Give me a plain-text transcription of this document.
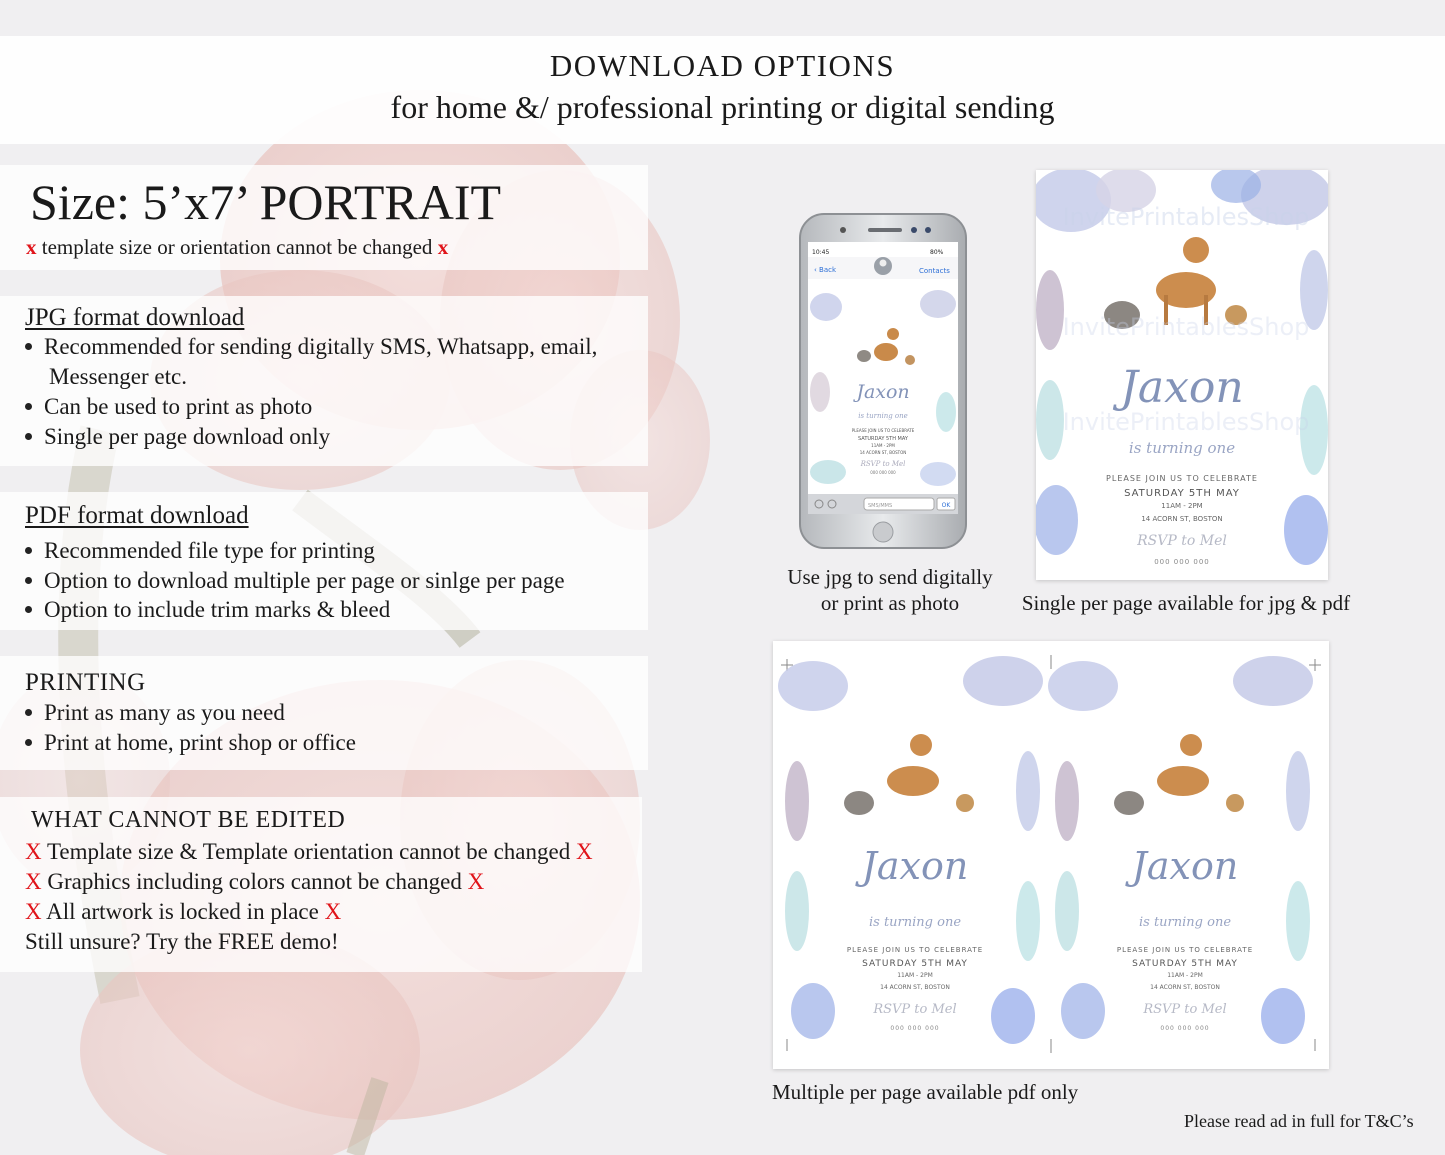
DOWNLOAD OPTIONS
for home &/ professional printing or digital sending
Size: 5’x7’ PORTRAIT
x template size or orientation cannot be changed x
JPG format download
Recommended for sending digitally SMS, Whatsapp, email,
Messenger etc.
Can be used to print as photo
Single per page download only
PDF format download
Recommended file type for printing
Option to download multiple per page or sinlge per page
Option to include trim marks & bleed
PRINTING
Print as many as you need
Print at home, print shop or office
WHAT CANNOT BE EDITED
X Template size & Template orientation cannot be changed X
X Graphics including colors cannot be changed X
X All artwork is locked in place X
Still unsure? Try the FREE demo!
10:45	80%
‹ Back	Contacts
Jaxon
is turning one
PLEASE JOIN US TO CELEBRATE
SATURDAY 5TH MAY
11AM - 2PM
14 ACORN ST, BOSTON
RSVP to Mel
000 000 000
SMS/MMS	OK
Use jpg to send digitally
or print as photo
Jaxon
is turning one
PLEASE JOIN US TO CELEBRATE
SATURDAY 5TH MAY
11AM - 2PM
14 ACORN ST, BOSTON
RSVP to Mel
000 000 000
InvitePrintablesShop
InvitePrintablesShop
InvitePrintablesShop
Single per page available for jpg & pdf
Jaxon
is turning one
PLEASE JOIN US TO CELEBRATE
SATURDAY 5TH MAY
11AM - 2PM
14 ACORN ST, BOSTON
RSVP to Mel
000 000 000
Jaxon
is turning one
PLEASE JOIN US TO CELEBRATE
SATURDAY 5TH MAY
11AM - 2PM
14 ACORN ST, BOSTON
RSVP to Mel
000 000 000
Multiple per page available pdf only
Please read ad in full for T&C’s
